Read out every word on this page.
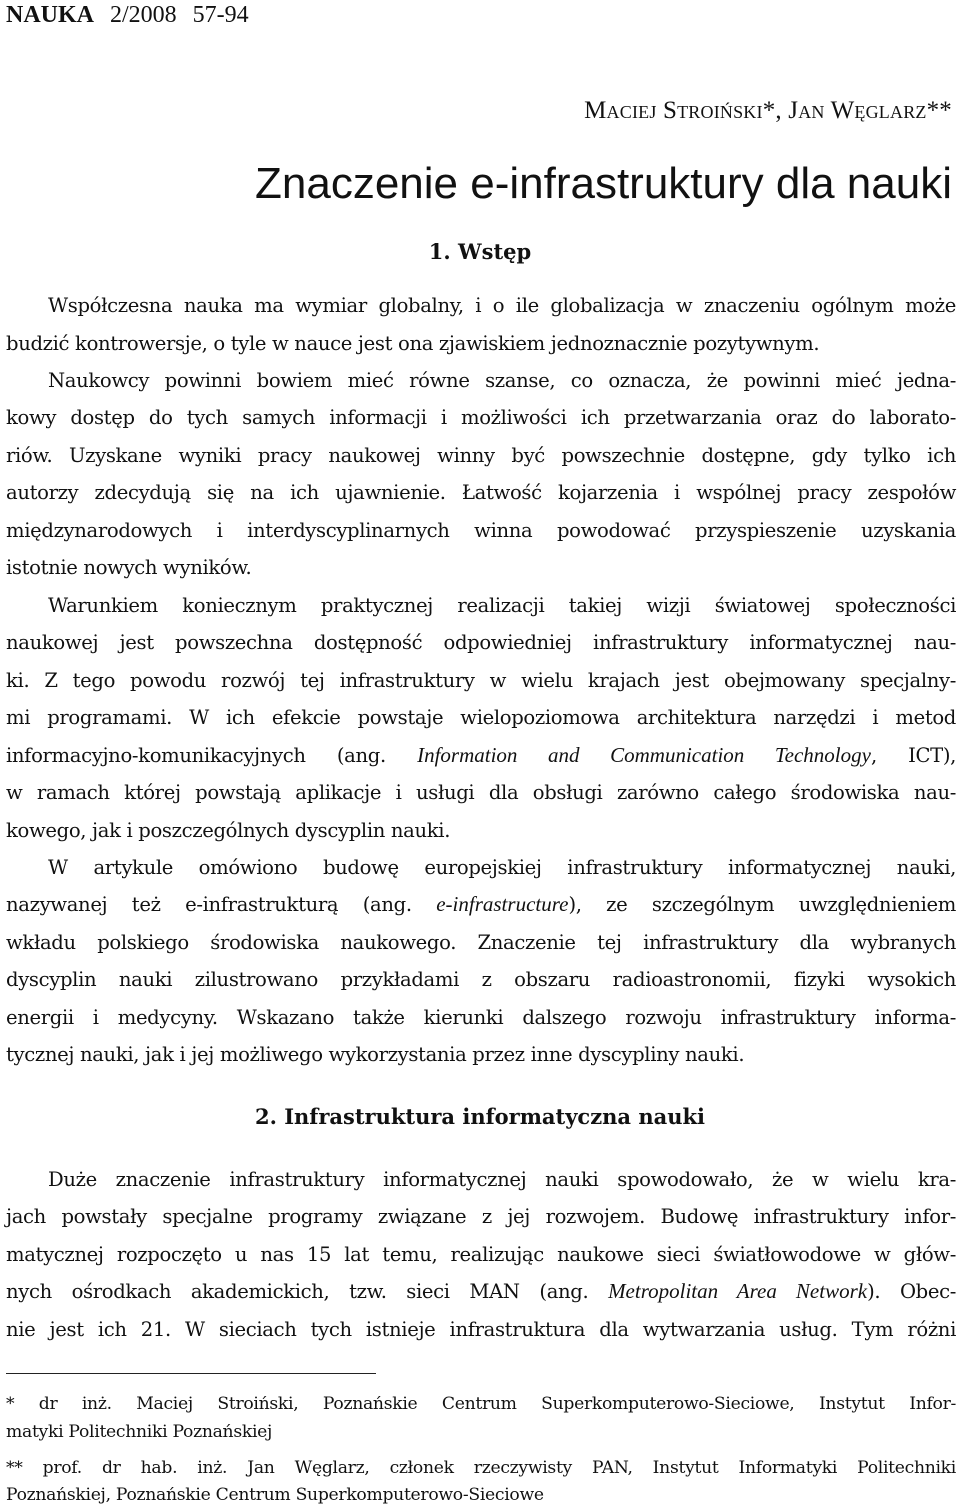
NAUKA 2/2008 57-94
Maciej Stroiński*, Jan Węglarz**
Znaczenie e-infrastruktury dla nauki
1. Wstęp
Współczesna nauka ma wymiar globalny, i o ile globalizacja w znaczeniu ogólnym może
budzić kontrowersje, o tyle w nauce jest ona zjawiskiem jednoznacznie pozytywnym.
Naukowcy powinni bowiem mieć równe szanse, co oznacza, że powinni mieć jedna-
kowy dostęp do tych samych informacji i możliwości ich przetwarzania oraz do laborato-
riów. Uzyskane wyniki pracy naukowej winny być powszechnie dostępne, gdy tylko ich
autorzy zdecydują się na ich ujawnienie. Łatwość kojarzenia i wspólnej pracy zespołów
międzynarodowych i interdyscyplinarnych winna powodować przyspieszenie uzyskania
istotnie nowych wyników.
Warunkiem koniecznym praktycznej realizacji takiej wizji światowej społeczności
naukowej jest powszechna dostępność odpowiedniej infrastruktury informatycznej nau-
ki. Z tego powodu rozwój tej infrastruktury w wielu krajach jest obejmowany specjalny-
mi programami. W ich efekcie powstaje wielopoziomowa architektura narzędzi i metod
informacyjno-komunikacyjnych (ang. Information and Communication Technology, ICT),
w ramach której powstają aplikacje i usługi dla obsługi zarówno całego środowiska nau-
kowego, jak i poszczególnych dyscyplin nauki.
W artykule omówiono budowę europejskiej infrastruktury informatycznej nauki,
nazywanej też e-infrastrukturą (ang. e-infrastructure), ze szczególnym uwzględnieniem
wkładu polskiego środowiska naukowego. Znaczenie tej infrastruktury dla wybranych
dyscyplin nauki zilustrowano przykładami z obszaru radioastronomii, fizyki wysokich
energii i medycyny. Wskazano także kierunki dalszego rozwoju infrastruktury informa-
tycznej nauki, jak i jej możliwego wykorzystania przez inne dyscypliny nauki.
2. Infrastruktura informatyczna nauki
Duże znaczenie infrastruktury informatycznej nauki spowodowało, że w wielu kra-
jach powstały specjalne programy związane z jej rozwojem. Budowę infrastruktury infor-
matycznej rozpoczęto u nas 15 lat temu, realizując naukowe sieci światłowodowe w głów-
nych ośrodkach akademickich, tzw. sieci MAN (ang. Metropolitan Area Network). Obec-
nie jest ich 21. W sieciach tych istnieje infrastruktura dla wytwarzania usług. Tym różni
* dr inż. Maciej Stroiński, Poznańskie Centrum Superkomputerowo-Sieciowe, Instytut Infor-
matyki Politechniki Poznańskiej
** prof. dr hab. inż. Jan Węglarz, członek rzeczywisty PAN, Instytut Informatyki Politechniki
Poznańskiej, Poznańskie Centrum Superkomputerowo-Sieciowe
